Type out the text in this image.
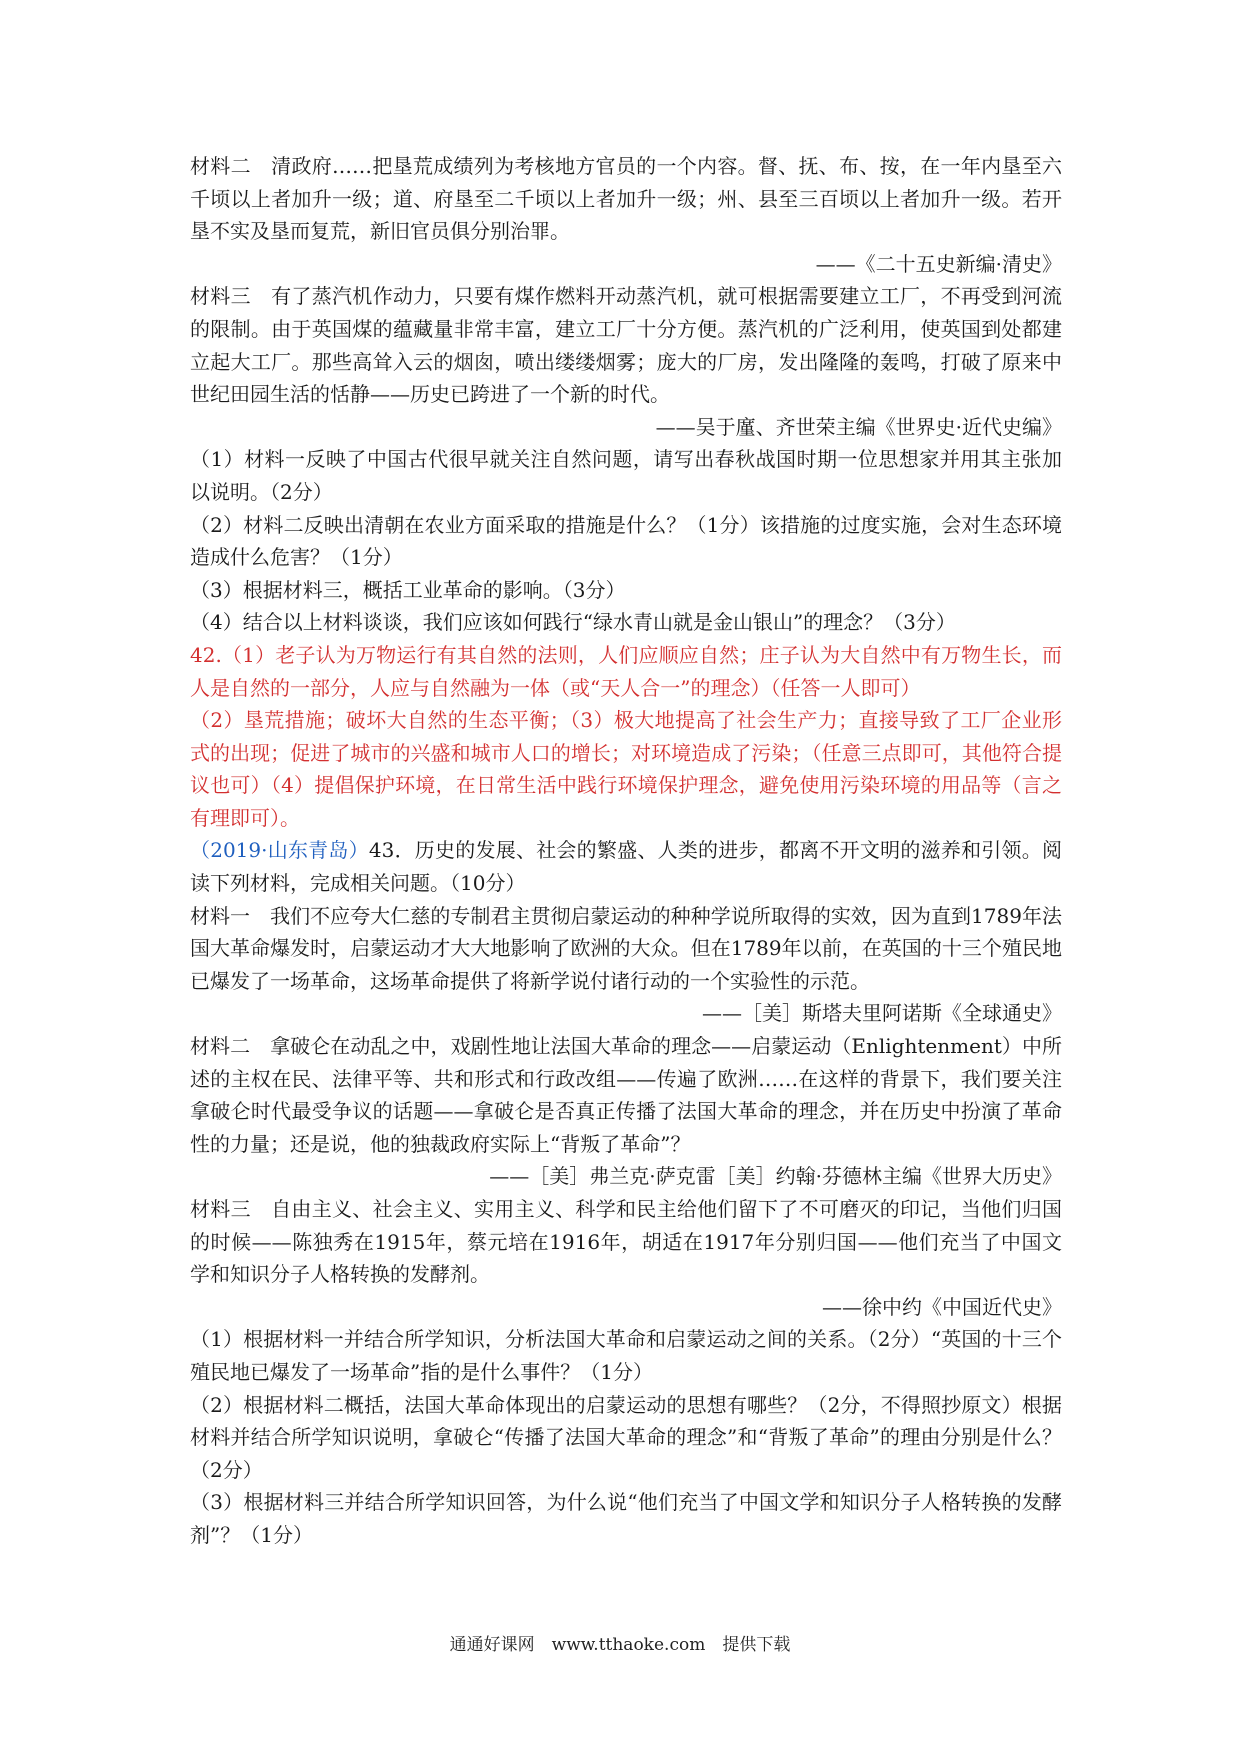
材料二　清政府……把垦荒成绩列为考核地方官员的一个内容。督、抚、布、按，在一年内垦至六千顷以上者加升一级；道、府垦至二千顷以上者加升一级；州、县至三百顷以上者加升一级。若开垦不实及垦而复荒，新旧官员俱分别治罪。

——《二十五史新编·清史》

材料三　有了蒸汽机作动力，只要有煤作燃料开动蒸汽机，就可根据需要建立工厂，不再受到河流的限制。由于英国煤的蕴藏量非常丰富，建立工厂十分方便。蒸汽机的广泛利用，使英国到处都建立起大工厂。那些高耸入云的烟囱，喷出缕缕烟雾；庞大的厂房，发出隆隆的轰鸣，打破了原来中世纪田园生活的恬静——历史已跨进了一个新的时代。

——吴于廑、齐世荣主编《世界史·近代史编》

（1）材料一反映了中国古代很早就关注自然问题，请写出春秋战国时期一位思想家并用其主张加以说明。（2分）

（2）材料二反映出清朝在农业方面采取的措施是什么？（1分）该措施的过度实施，会对生态环境造成什么危害？（1分）

（3）根据材料三，概括工业革命的影响。（3分）

（4）结合以上材料谈谈，我们应该如何践行“绿水青山就是金山银山”的理念？（3分）

42.（1）老子认为万物运行有其自然的法则，人们应顺应自然；庄子认为大自然中有万物生长，而人是自然的一部分，人应与自然融为一体（或“天人合一”的理念）（任答一人即可）

（2）垦荒措施；破坏大自然的生态平衡；（3）极大地提高了社会生产力；直接导致了工厂企业形式的出现；促进了城市的兴盛和城市人口的增长；对环境造成了污染；（任意三点即可，其他符合提议也可）（4）提倡保护环境，在日常生活中践行环境保护理念，避免使用污染环境的用品等（言之有理即可）。

（2019·山东青岛）43．历史的发展、社会的繁盛、人类的进步，都离不开文明的滋养和引领。阅读下列材料，完成相关问题。（10分）

材料一　我们不应夸大仁慈的专制君主贯彻启蒙运动的种种学说所取得的实效，因为直到1789年法国大革命爆发时，启蒙运动才大大地影响了欧洲的大众。但在1789年以前，在英国的十三个殖民地已爆发了一场革命，这场革命提供了将新学说付诸行动的一个实验性的示范。

——［美］斯塔夫里阿诺斯《全球通史》

材料二　拿破仑在动乱之中，戏剧性地让法国大革命的理念——启蒙运动（Enlightenment）中所述的主权在民、法律平等、共和形式和行政改组——传遍了欧洲……在这样的背景下，我们要关注拿破仑时代最受争议的话题——拿破仑是否真正传播了法国大革命的理念，并在历史中扮演了革命性的力量；还是说，他的独裁政府实际上“背叛了革命”？

——［美］弗兰克·萨克雷［美］约翰·芬德林主编《世界大历史》

材料三　自由主义、社会主义、实用主义、科学和民主给他们留下了不可磨灭的印记，当他们归国的时候——陈独秀在1915年，蔡元培在1916年，胡适在1917年分别归国——他们充当了中国文学和知识分子人格转换的发酵剂。

——徐中约《中国近代史》

（1）根据材料一并结合所学知识，分析法国大革命和启蒙运动之间的关系。（2分）“英国的十三个殖民地已爆发了一场革命”指的是什么事件？（1分）

（2）根据材料二概括，法国大革命体现出的启蒙运动的思想有哪些？（2分，不得照抄原文）根据材料并结合所学知识说明，拿破仑“传播了法国大革命的理念”和“背叛了革命”的理由分别是什么？（2分）

（3）根据材料三并结合所学知识回答，为什么说“他们充当了中国文学和知识分子人格转换的发酵剂”？（1分）

通通好课网　www.tthaoke.com　提供下载
